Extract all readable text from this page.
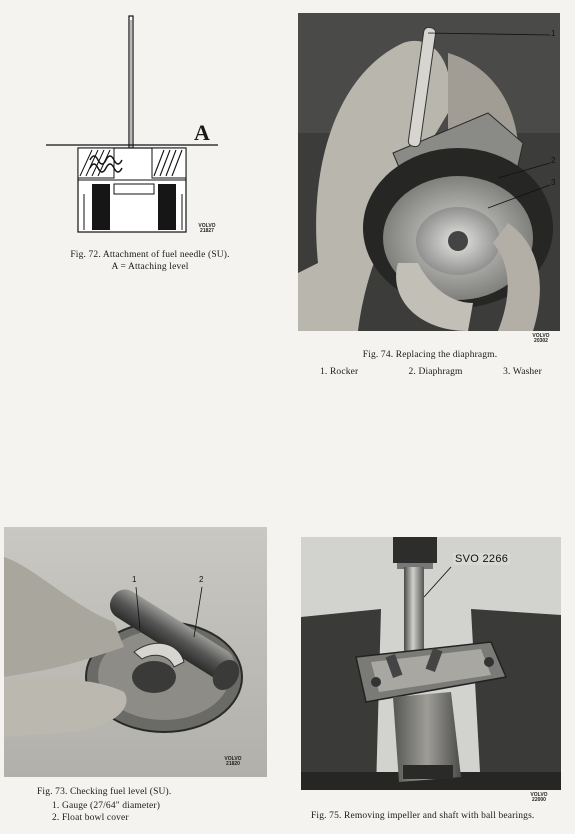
A
VOLVO
21827
Fig. 72. Attachment of fuel needle (SU).
A = Attaching level
1
2
3
VOLVO
20302
Fig. 74. Replacing the diaphragm.
1. Rocker	2. Diaphragm	3. Washer
1	2
VOLVO
21820
Fig. 73. Checking fuel level (SU).
1. Gauge (27/64" diameter)
2. Float bowl cover
SVO 2266
VOLVO
22000
Fig. 75. Removing impeller and shaft with ball bearings.
